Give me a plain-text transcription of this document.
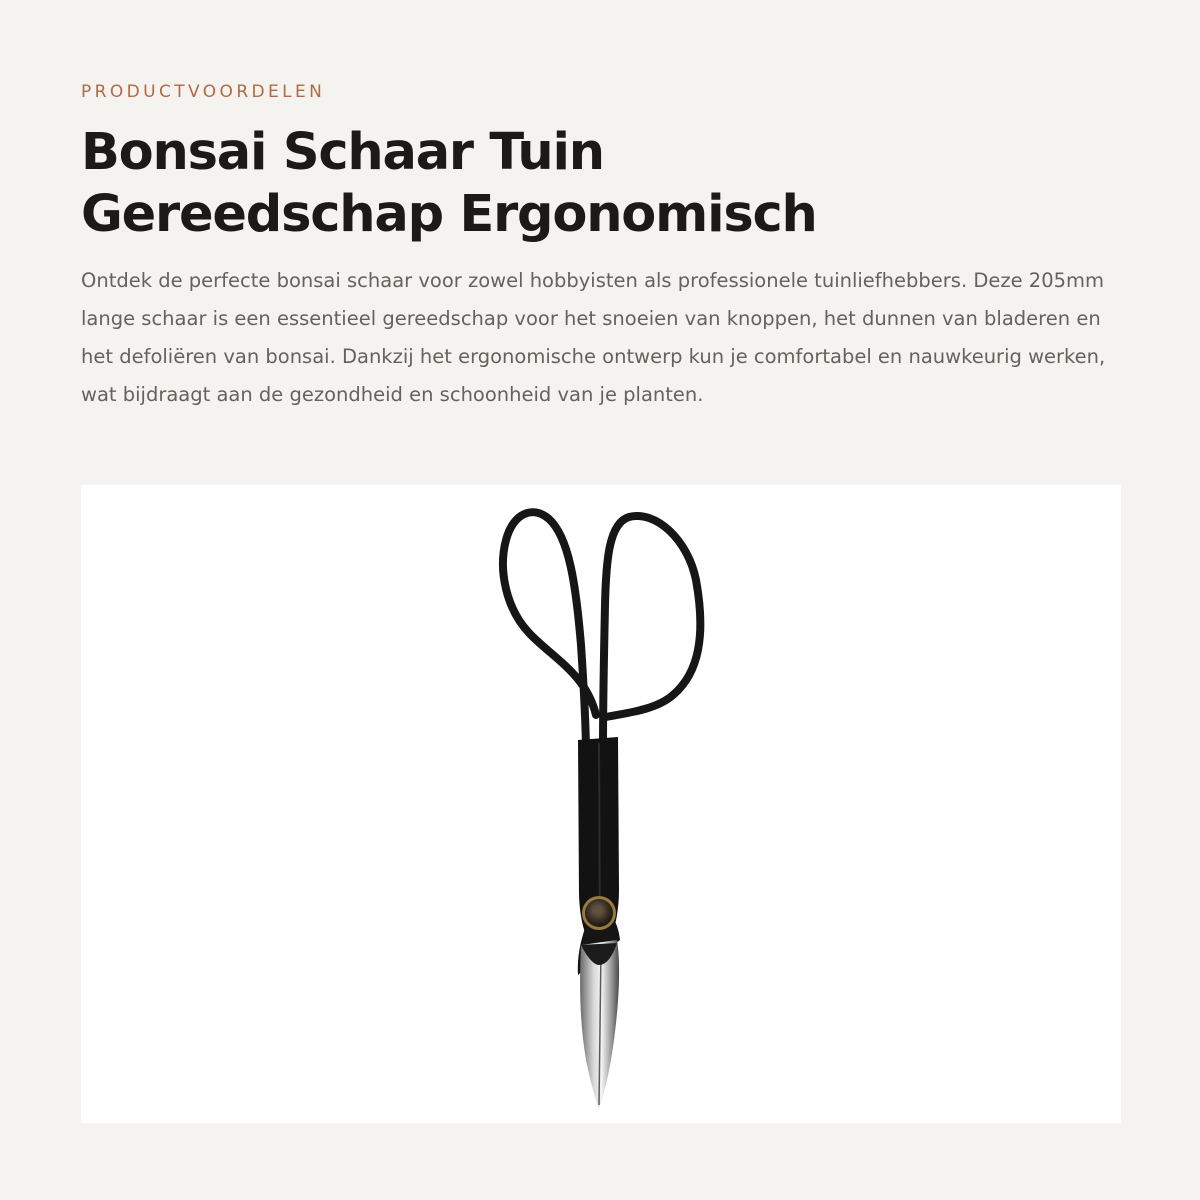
PRODUCTVOORDELEN

Bonsai Schaar Tuin
Gereedschap Ergonomisch

Ontdek de perfecte bonsai schaar voor zowel hobbyisten als professionele tuinliefhebbers. Deze 205mm lange schaar is een essentieel gereedschap voor het snoeien van knoppen, het dunnen van bladeren en het defoliëren van bonsai. Dankzij het ergonomische ontwerp kun je comfortabel en nauwkeurig werken, wat bijdraagt aan de gezondheid en schoonheid van je planten.
